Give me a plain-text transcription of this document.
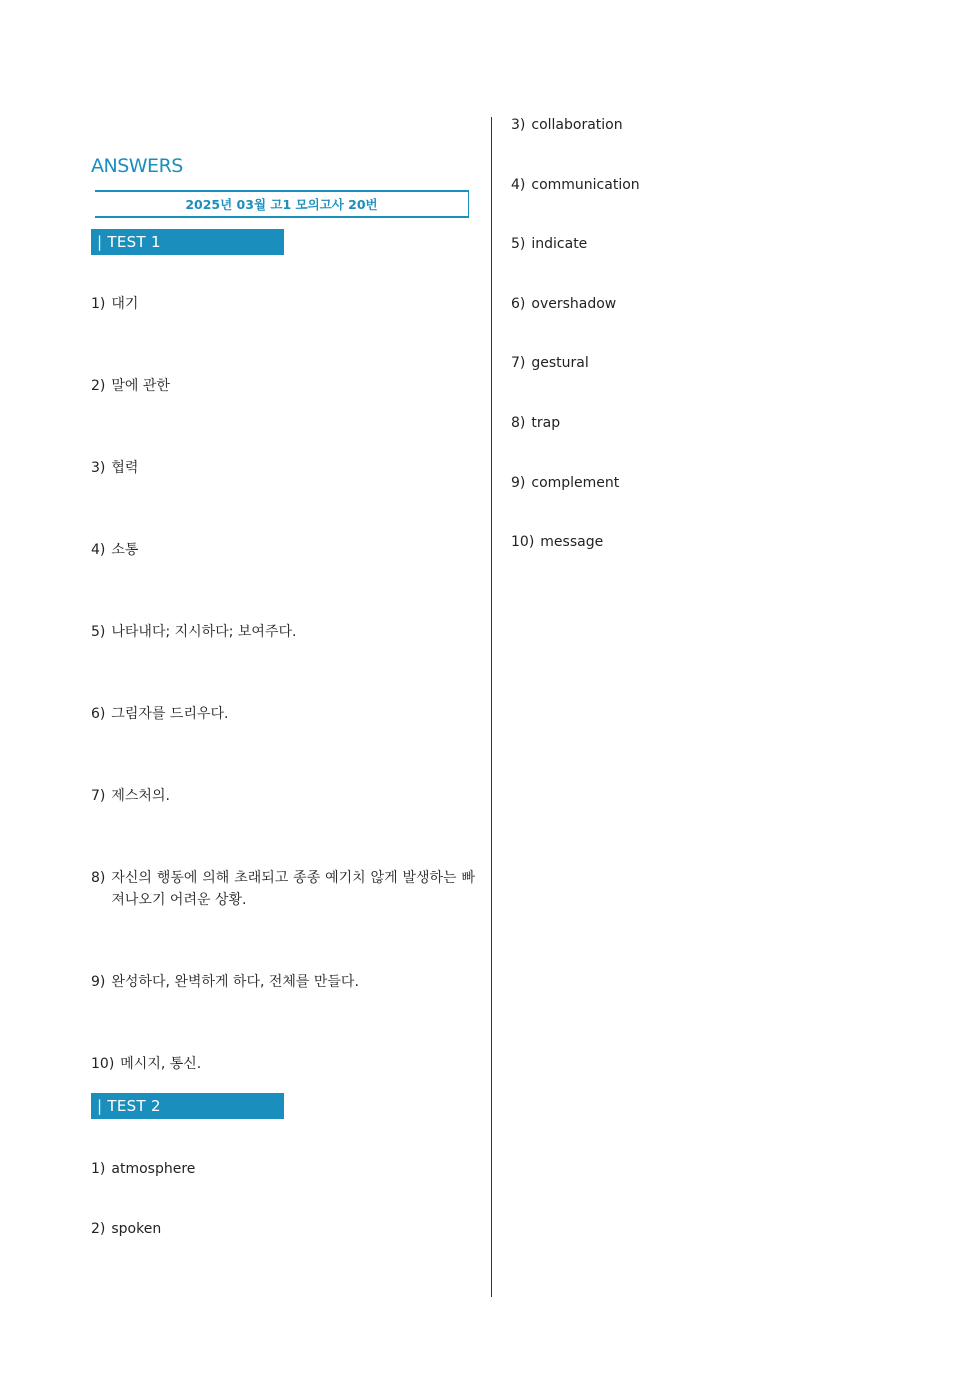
ANSWERS
2025년 03월 고1 모의고사 20번
| TEST 1
1) 대기
2) 말에 관한
3) 협력
4) 소통
5) 나타내다; 지시하다; 보여주다.
6) 그림자를 드리우다.
7) 제스처의.
8) 자신의 행동에 의해 초래되고 종종 예기치 않게 발생하는 빠져나오기 어려운 상황.
9) 완성하다, 완벽하게 하다, 전체를 만들다.
10) 메시지, 통신.
| TEST 2
1) atmosphere
2) spoken
3) collaboration
4) communication
5) indicate
6) overshadow
7) gestural
8) trap
9) complement
10) message
